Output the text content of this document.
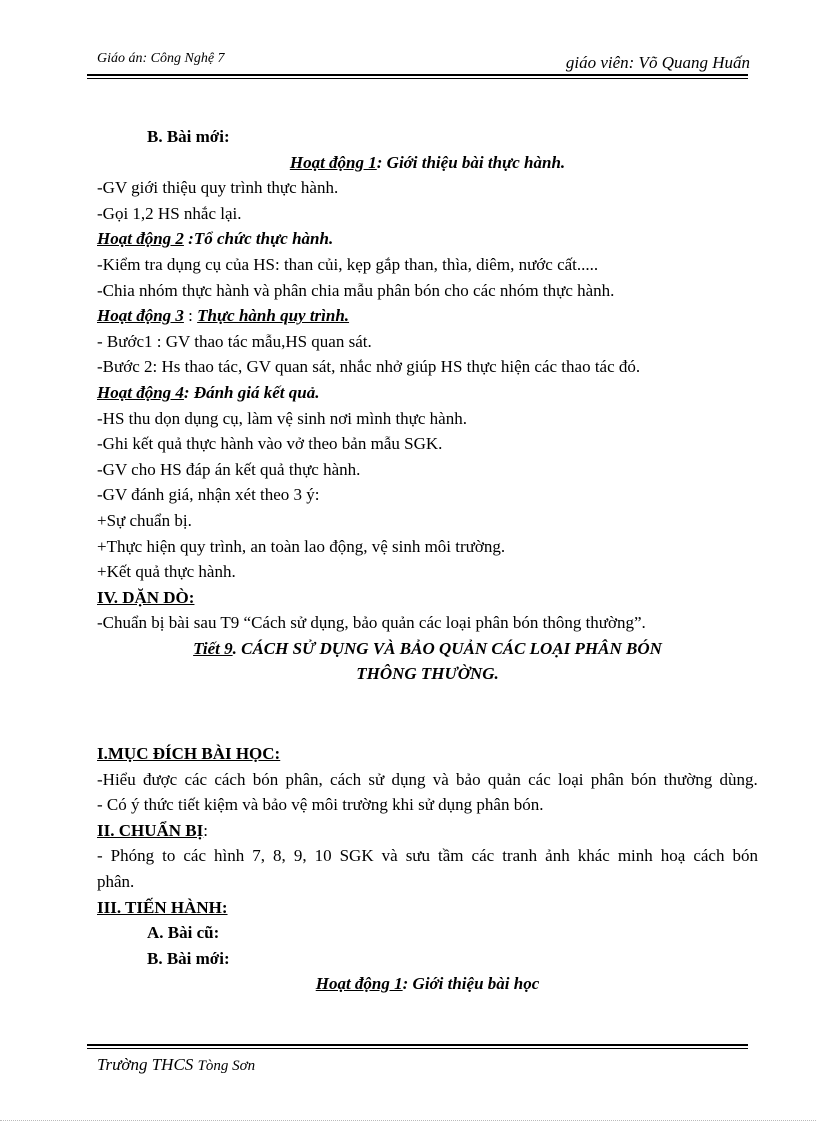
Giáo án: Công Nghệ 7	giáo viên: Võ Quang Huấn

B. Bài mới:

Hoạt động 1: Giới thiệu bài thực hành.

-GV giới thiệu quy trình thực hành.

-Gọi 1,2 HS nhắc lại.

Hoạt động 2 :Tổ chức thực hành.

-Kiểm tra dụng cụ của HS: than củi, kẹp gắp than, thìa, diêm, nước cất.....

-Chia nhóm thực hành và phân chia mẫu phân bón cho các nhóm thực hành.

Hoạt động 3 : Thực hành quy trình.

- Bước1 : GV thao tác mẫu,HS quan sát.

-Bước 2: Hs thao tác, GV quan sát, nhắc nhở giúp HS thực hiện các thao tác đó.

Hoạt động 4: Đánh giá kết quả.

-HS thu dọn dụng cụ, làm vệ sinh nơi mình thực hành.

-Ghi kết quả thực hành vào vở theo bản mẫu SGK.

-GV cho HS đáp án kết quả thực hành.

-GV đánh giá, nhận xét theo 3 ý:

+Sự chuẩn bị.

+Thực hiện quy trình, an toàn lao động, vệ sinh môi trường.

+Kết quả thực hành.

IV. DẶN DÒ:

-Chuẩn bị bài sau T9 “Cách sử dụng, bảo quản các loại phân bón thông thường”.

Tiết 9. CÁCH SỬ DỤNG VÀ BẢO QUẢN CÁC LOẠI PHÂN BÓN

THÔNG THƯỜNG.

I.MỤC ĐÍCH BÀI HỌC:

-Hiểu được các cách bón phân, cách sử dụng và bảo quản các loại phân bón thường dùng.

- Có ý thức tiết kiệm và bảo vệ môi trường khi sử dụng phân bón.

II. CHUẨN BỊ:

- Phóng to các hình 7, 8, 9, 10 SGK và sưu tầm các tranh ảnh khác minh hoạ cách bón phân.

III. TIẾN HÀNH:

A. Bài cũ:

B. Bài mới:

Hoạt động 1: Giới thiệu bài học

Trường THCS Tòng Sơn
